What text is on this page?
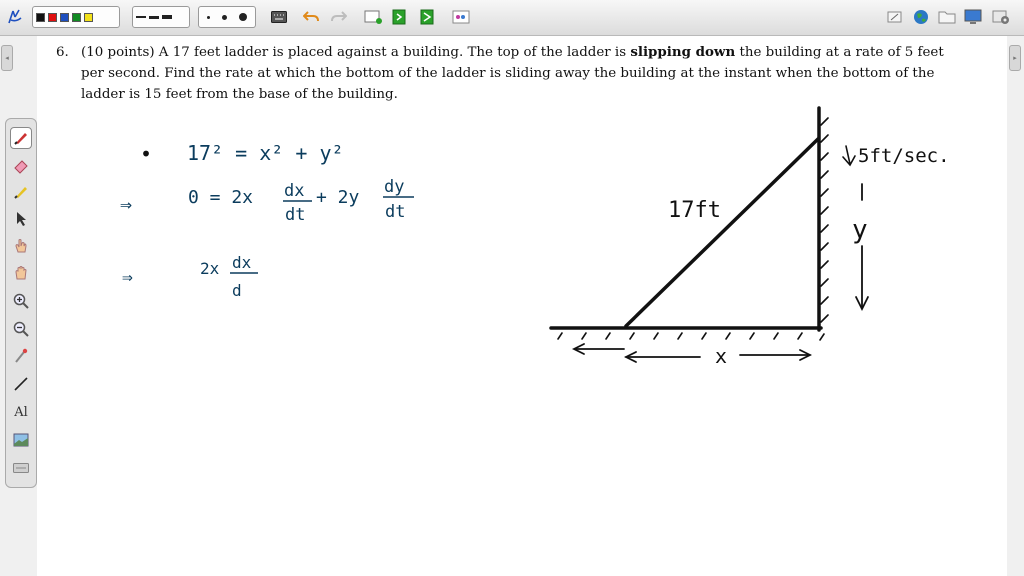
◂	▸
6. (10 points) A 17 feet ladder is placed against a building. The top of the ladder is slipping down the building at a rate of 5 feet per second. Find the rate at which the bottom of the ladder is sliding away the building at the instant when the bottom of the ladder is 15 feet from the base of the building.
• 17² = x² + y²
⇒	0 = 2x dx
dt
+ 2y dy
dt
⇒	2x dx
d
17ft
5ft/sec.
y
x
Al
